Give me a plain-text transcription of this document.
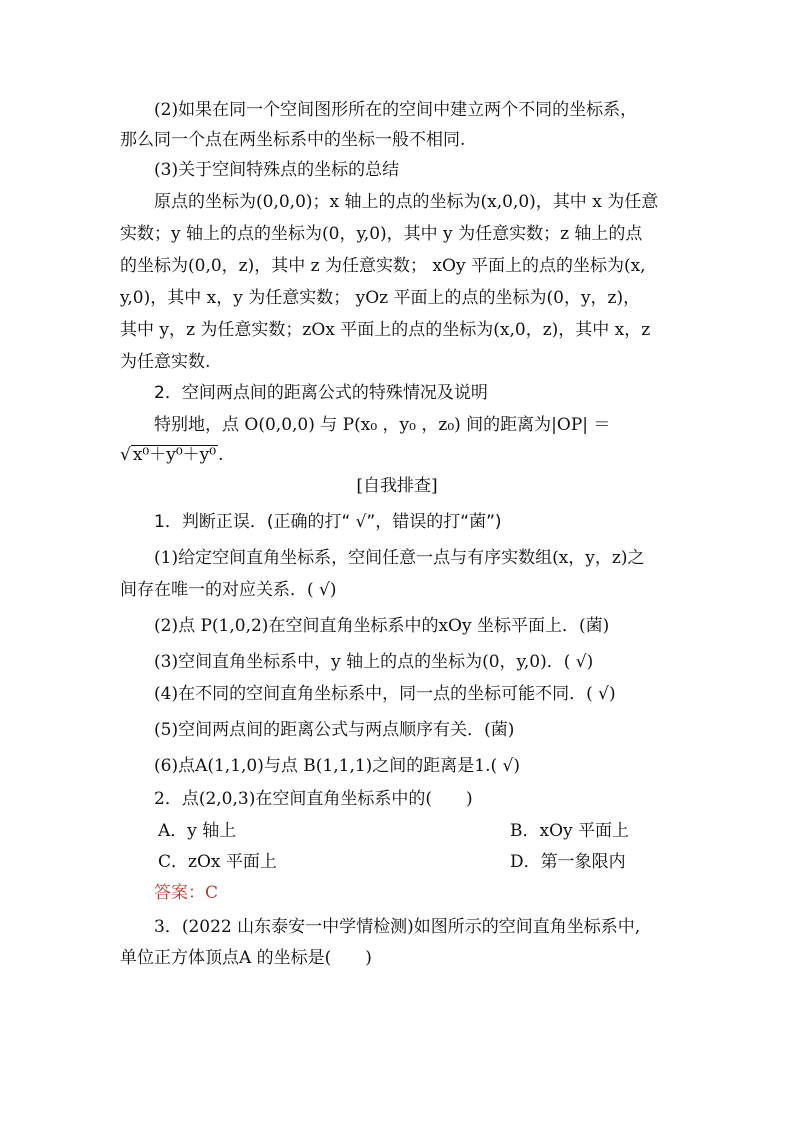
(2)如果在同一个空间图形所在的空间中建立两个不同的坐标系，
那么同一个点在两坐标系中的坐标一般不相同.
(3)关于空间特殊点的坐标的总结
原点的坐标为(0,0,0)；x 轴上的点的坐标为(x,0,0)，其中 x 为任意
实数；y 轴上的点的坐标为(0，y,0)，其中 y 为任意实数；z 轴上的点
的坐标为(0,0，z)，其中 z 为任意实数； xOy 平面上的点的坐标为(x,
y,0)，其中 x，y 为任意实数； yOz 平面上的点的坐标为(0，y，z)，
其中 y，z 为任意实数；zOx 平面上的点的坐标为(x,0，z)，其中 x，z
为任意实数.
2．空间两点间的距离公式的特殊情况及说明
特别地，点 O(0,0,0) 与 P(x₀ ，y₀ ，z₀) 间的距离为|OP| ＝
√ x⁰＋y⁰＋y⁰ .
[自我排查]
1．判断正误．(正确的打“ √”，错误的打“菌”)
(1)给定空间直角坐标系，空间任意一点与有序实数组(x，y，z)之
间存在唯一的对应关系．( √)
(2)点 P(1,0,2)在空间直角坐标系中的xOy 坐标平面上．(菌)
(3)空间直角坐标系中，y 轴上的点的坐标为(0，y,0)．( √)
(4)在不同的空间直角坐标系中，同一点的坐标可能不同．( √)
(5)空间两点间的距离公式与两点顺序有关．(菌)
(6)点A(1,1,0)与点 B(1,1,1)之间的距离是1.( √)
2．点(2,0,3)在空间直角坐标系中的(　　)
A．y 轴上	B．xOy 平面上
C．zOx 平面上	D．第一象限内
答案：C
3．(2022 山东泰安一中学情检测)如图所示的空间直角坐标系中,
单位正方体顶点A 的坐标是(　　)
